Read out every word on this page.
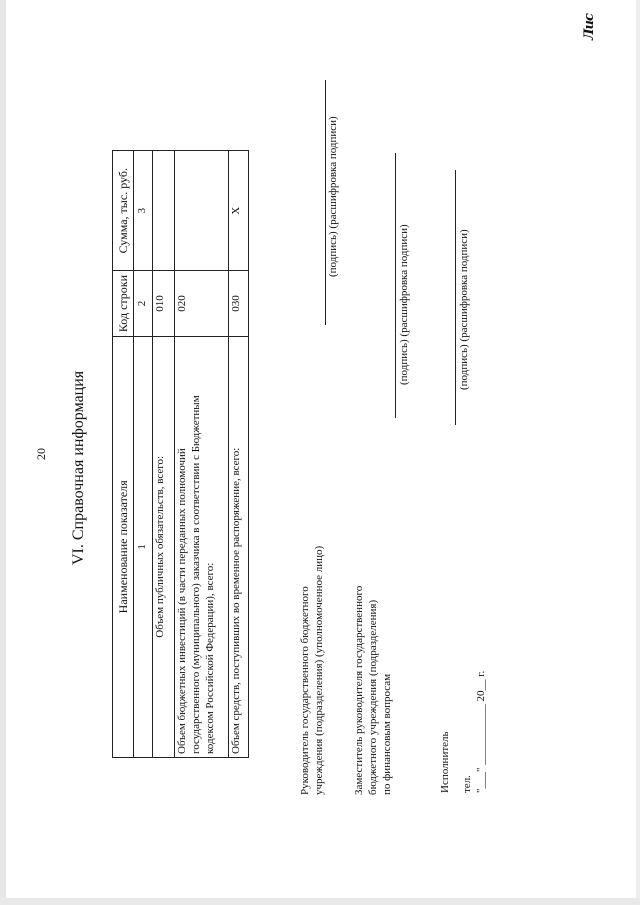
20 VI. Справочная информация Наименование показателя	Код строки	Сумма, тыс. руб.
1	2	3
Объем публичных обязательств, всего:	010	

Объем бюджетных инвестиций (в части переданных полномочий государственного (муниципального) заказчика в соответствии с Бюджетным кодексом Российской Федерации), всего:	020	
Объем средств, поступивших во временное распоряжение, всего:	030	X
Руководитель государственного бюджетного учреждения (подразделения) (уполномоченное лицо)
(подпись) (расшифровка подписи)
Заместитель руководителя государственного бюджетного учреждения (подразделения) по финансовым вопросам
(подпись) (расшифровка подписи)
Исполнитель
(подпись) (расшифровка подписи)
тел. "___" ___________ 20__ г.
Лис
